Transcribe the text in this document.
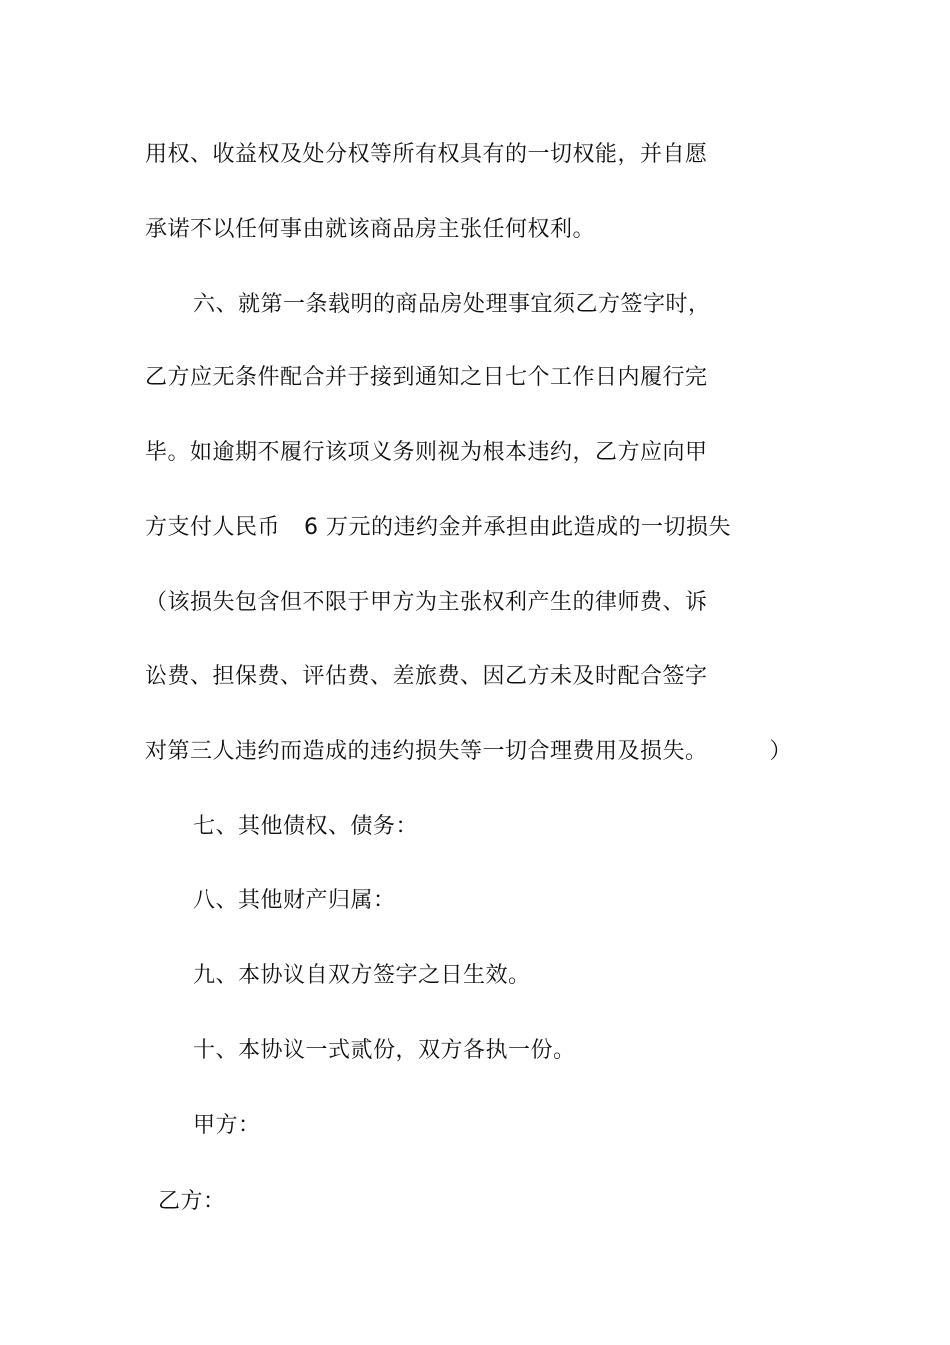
用权、收益权及处分权等所有权具有的一切权能，并自愿
承诺不以任何事由就该商品房主张任何权利。
六、就第一条载明的商品房处理事宜须乙方签字时，
乙方应无条件配合并于接到通知之日七个工作日内履行完
毕。如逾期不履行该项义务则视为根本违约，乙方应向甲
方支付人民币 6 万元的违约金并承担由此造成的一切损失
（该损失包含但不限于甲方为主张权利产生的律师费、诉
讼费、担保费、评估费、差旅费、因乙方未及时配合签字
对第三人违约而造成的违约损失等一切合理费用及损失。	）
七、其他债权、债务：
八、其他财产归属：
九、本协议自双方签字之日生效。
十、本协议一式贰份，双方各执一份。
甲方：
乙方：
